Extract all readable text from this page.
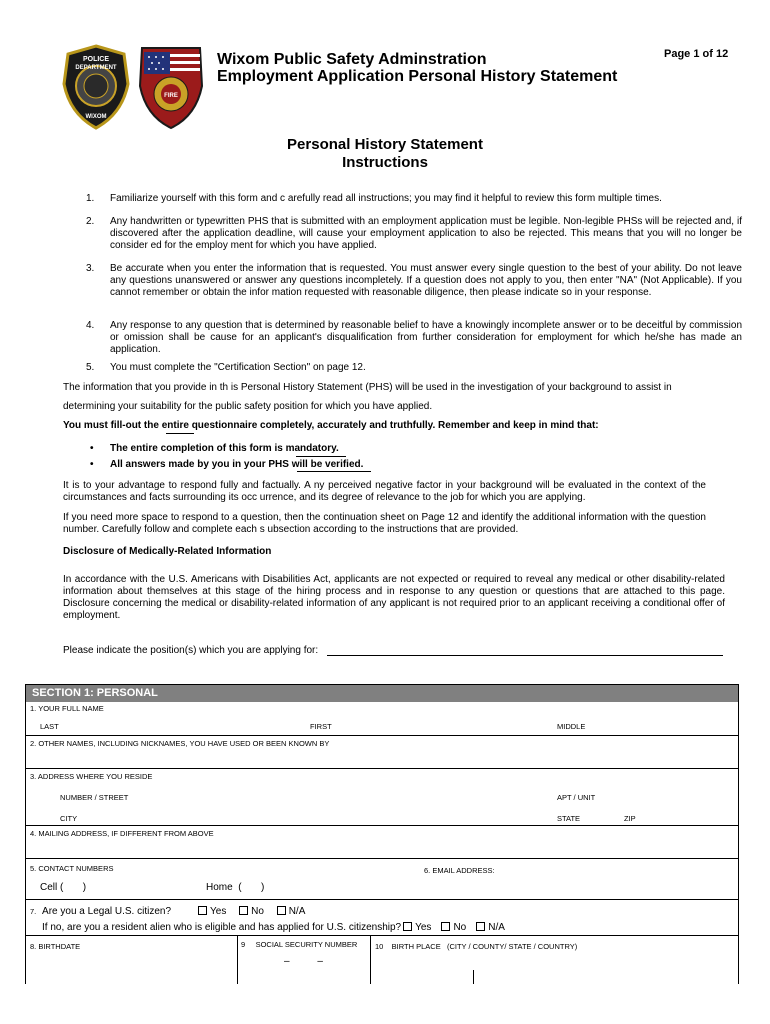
POLICE
DEPARTMENT
WIXOM
FIRE
Wixom Public Safety Adminstration
Employment Application Personal History Statement
Page 1 of 12
Personal History Statement
Instructions
1. Familiarize yourself with this form and c arefully read all instructions; you may find it helpful to review this form multiple times.
2. Any handwritten or typewritten PHS that is submitted with an employment application must be legible. Non-legible PHSs will be rejected and, if discovered after the application deadline, will cause your employment application to also be rejected. This means that you will no longer be consider ed for the employ ment for which you have applied.
3. Be accurate when you enter the information that is requested. You must answer every single question to the best of your ability. Do not leave any questions unanswered or answer any questions incompletely. If a question does not apply to you, then enter "NA" (Not Applicable). If you cannot remember or obtain the infor mation requested with reasonable diligence, then please indicate so in your response.
4. Any response to any question that is determined by reasonable belief to have a knowingly incomplete answer or to be deceitful by commission or omission shall be cause for an applicant's disqualification from further consideration for employment for which he/she has made an application.
5. You must complete the "Certification Section" on page 12.
The information that you provide in th is Personal History Statement (PHS) will be used in the investigation of your background to assist in
determining your suitability for the public safety position for which you have applied.
You must fill-out the entire questionnaire completely, accurately and truthfully. Remember and keep in mind that:
• The entire completion of this form is mandatory.
• All answers made by you in your PHS will be verified.
It is to your advantage to respond fully and factually. A ny perceived negative factor in your background will be evaluated in the context of the circumstances and facts surrounding its occ urrence, and its degree of relevance to the job for which you are applying.
If you need more space to respond to a question, then the continuation sheet on Page 12 and identify the additional information with the question number. Carefully follow and complete each s ubsection according to the instructions that are provided.
Disclosure of Medically-Related Information
In accordance with the U.S. Americans with Disabilities Act, applicants are not expected or required to reveal any medical or other disability-related information about themselves at this stage of the hiring process and in response to any question or questions that are attached to this page. Disclosure concerning the medical or disability-related information of any applicant is not required prior to an applicant receiving a conditional offer of employment.
Please indicate the position(s) which you are applying for:
SECTION 1: PERSONAL
1. YOUR FULL NAME
LAST	FIRST	MIDDLE
2. OTHER NAMES, INCLUDING NICKNAMES, YOU HAVE USED OR BEEN KNOWN BY
3. ADDRESS WHERE YOU RESIDE
NUMBER / STREET	APT / UNIT
CITY	STATE	ZIP
4. MAILING ADDRESS, IF DIFFERENT FROM ABOVE
5. CONTACT NUMBERS	6. EMAIL ADDRESS:
Cell (       )	Home  (       )
7. Are you a Legal U.S. citizen?	Yes No N/A
If no, are you a resident alien who is eligible and has applied for U.S. citizenship? Yes No N/A
8. BIRTHDATE	9     SOCIAL SECURITY NUMBER
–          –
10    BIRTH PLACE   (CITY / COUNTY/ STATE / COUNTRY)
